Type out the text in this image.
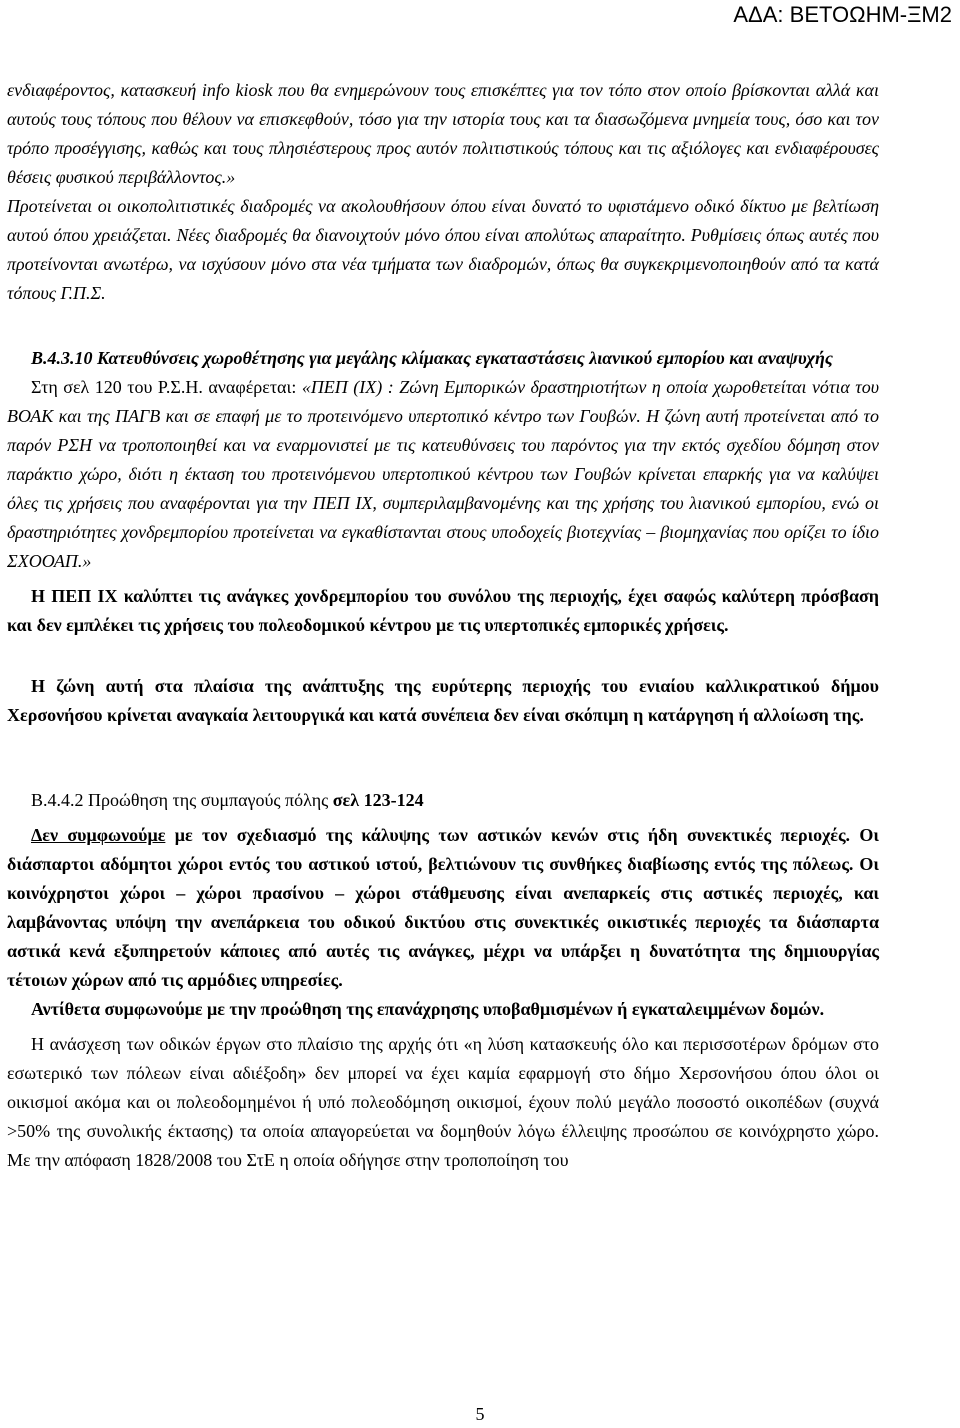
ΑΔΑ: ΒΕΤΟΩΗΜ-ΞΜ2

ενδιαφέροντος, κατασκευή info kiosk που θα ενημερώνουν τους επισκέπτες για τον τόπο στον οποίο βρίσκονται αλλά και αυτούς τους τόπους που θέλουν να επισκεφθούν, τόσο για την ιστορία τους και τα διασωζόμενα μνημεία τους, όσο και τον τρόπο προσέγγισης, καθώς και τους πλησιέστερους προς αυτόν πολιτιστικούς τόπους και τις αξιόλογες και ενδιαφέρουσες θέσεις φυσικού περιβάλλοντος.»

Προτείνεται οι οικοπολιτιστικές διαδρομές να ακολουθήσουν όπου είναι δυνατό το υφιστάμενο οδικό δίκτυο με βελτίωση αυτού όπου χρειάζεται. Νέες διαδρομές θα διανοιχτούν μόνο όπου είναι απολύτως απαραίτητο. Ρυθμίσεις όπως αυτές που προτείνονται ανωτέρω, να ισχύσουν μόνο στα νέα τμήματα των διαδρομών, όπως θα συγκεκριμενοποιηθούν από τα κατά τόπους Γ.Π.Σ.

Β.4.3.10 Κατευθύνσεις χωροθέτησης για μεγάλης κλίμακας εγκαταστάσεις λιανικού εμπορίου και αναψυχής

Στη σελ 120 του Ρ.Σ.Η. αναφέρεται: «ΠΕΠ (ΙΧ) : Ζώνη Εμπορικών δραστηριοτήτων η οποία χωροθετείται νότια του ΒΟΑΚ και της ΠΑΓΒ και σε επαφή με το προτεινόμενο υπερτοπικό κέντρο των Γουβών. Η ζώνη αυτή προτείνεται από το παρόν ΡΣΗ να τροποποιηθεί και να εναρμονιστεί με τις κατευθύνσεις του παρόντος για την εκτός σχεδίου δόμηση στον παράκτιο χώρο, διότι η έκταση του προτεινόμενου υπερτοπικού κέντρου των Γουβών κρίνεται επαρκής για να καλύψει όλες τις χρήσεις που αναφέρονται για την ΠΕΠ ΙΧ, συμπεριλαμβανομένης και της χρήσης του λιανικού εμπορίου, ενώ οι δραστηριότητες χονδρεμπορίου προτείνεται να εγκαθίστανται στους υποδοχείς βιοτεχνίας – βιομηχανίας που ορίζει το ίδιο ΣΧΟΟΑΠ.»

Η ΠΕΠ ΙΧ καλύπτει τις ανάγκες χονδρεμπορίου του συνόλου της περιοχής, έχει σαφώς καλύτερη πρόσβαση και δεν εμπλέκει τις χρήσεις του πολεοδομικού κέντρου με τις υπερτοπικές εμπορικές χρήσεις.

Η ζώνη αυτή στα πλαίσια της ανάπτυξης της ευρύτερης περιοχής του ενιαίου καλλικρατικού δήμου Χερσονήσου κρίνεται αναγκαία λειτουργικά και κατά συνέπεια δεν είναι σκόπιμη η κατάργηση ή αλλοίωση της.

Β.4.4.2 Προώθηση της συμπαγούς πόλης σελ 123-124

Δεν συμφωνούμε με τον σχεδιασμό της κάλυψης των αστικών κενών στις ήδη συνεκτικές περιοχές. Οι διάσπαρτοι αδόμητοι χώροι εντός του αστικού ιστού, βελτιώνουν τις συνθήκες διαβίωσης εντός της πόλεως. Οι κοινόχρηστοι χώροι – χώροι πρασίνου – χώροι στάθμευσης είναι ανεπαρκείς στις αστικές περιοχές, και λαμβάνοντας υπόψη την ανεπάρκεια του οδικού δικτύου στις συνεκτικές οικιστικές περιοχές τα διάσπαρτα αστικά κενά εξυπηρετούν κάποιες από αυτές τις ανάγκες, μέχρι να υπάρξει η δυνατότητα της δημιουργίας τέτοιων χώρων από τις αρμόδιες υπηρεσίες.

Αντίθετα συμφωνούμε με την προώθηση της επανάχρησης υποβαθμισμένων ή εγκαταλειμμένων δομών.

Η ανάσχεση των οδικών έργων στο πλαίσιο της αρχής ότι «η λύση κατασκευής όλο και περισσοτέρων δρόμων στο εσωτερικό των πόλεων είναι αδιέξοδη» δεν μπορεί να έχει καμία εφαρμογή στο δήμο Χερσονήσου όπου όλοι οι οικισμοί ακόμα και οι πολεοδομημένοι ή υπό πολεοδόμηση οικισμοί, έχουν πολύ μεγάλο ποσοστό οικοπέδων (συχνά >50% της συνολικής έκτασης) τα οποία απαγορεύεται να δομηθούν λόγω έλλειψης προσώπου σε κοινόχρηστο χώρο. Με την απόφαση 1828/2008 του ΣτΕ η οποία οδήγησε στην τροποποίηση του

5
